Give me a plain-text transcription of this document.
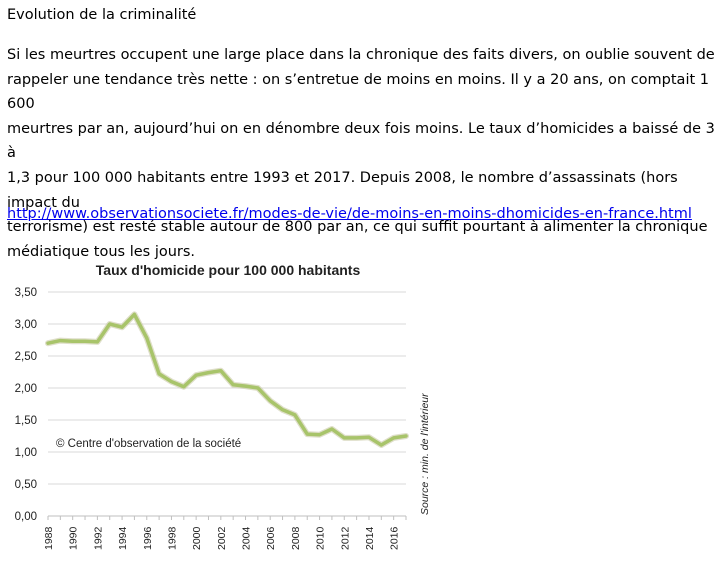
Evolution de la criminalité

Si les meurtres occupent une large place dans la chronique des faits divers, on oublie souvent de
rappeler une tendance très nette : on s’entretue de moins en moins. Il y a 20 ans, on comptait 1 600
meurtres par an, aujourd’hui on en dénombre deux fois moins. Le taux d’homicides a baissé de 3 à
1,3 pour 100 000 habitants entre 1993 et 2017. Depuis 2008, le nombre d’assassinats (hors impact du
terrorisme) est resté stable autour de 800 par an, ce qui suffit pourtant à alimenter la chronique
médiatique tous les jours.

http://www.observationsociete.fr/modes-de-vie/de-moins-en-moins-dhomicides-en-france.html
Taux d'homicide pour 100 000 habitants
0,00
0,50
1,00
1,50
2,00
2,50
3,00
3,50
1988 1990 1992 1994 1996 1998 2000 2002 2004 2006 2008 2010 2012 2014 2016
© Centre d'observation de la société	Source : min. de l'intérieur
